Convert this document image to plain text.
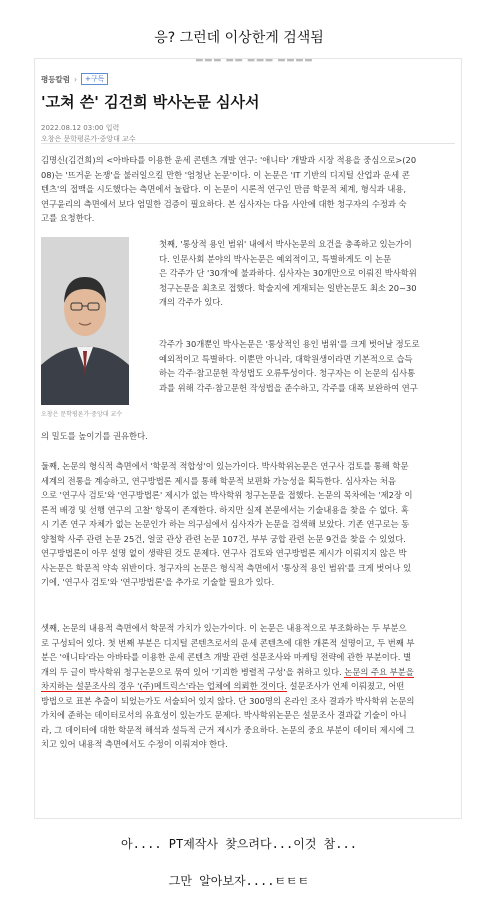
응? 그런데 이상한게 검색됨
▬▬▬ ▬▬ ▬▬▬ ▬▬▬▬
평등칼럼 ›	+구독
'고쳐 쓴' 김건희 박사논문 심사서
2022.08.12 03:00 입력
오창은 문학평론가·중앙대 교수
김명신(김건희)의 <아바타를 이용한 운세 콘텐츠 개발 연구: '애니타' 개발과 시장 적용을 중심으로>(20
08)는 '뜨거운 논쟁'을 불러일으킬 만한 '엄청난 논문'이다. 이 논문은 'IT 기반의 디지털 산업과 운세 콘
텐츠'의 접맥을 시도했다는 측면에서 놀랍다. 이 논문이 시론적 연구인 만큼 학문적 체계, 형식과 내용,
연구윤리의 측면에서 보다 엄밀한 검증이 필요하다. 본 심사자는 다음 사안에 대한 청구자의 수정과 숙
고를 요청한다.
오창은 문학평론가·중앙대 교수
첫째, '통상적 용인 범위' 내에서 박사논문의 요건을 충족하고 있는가이
다. 인문사회 분야의 박사논문은 예외적이고, 특별하게도 이 논문
은 각주가 단 '30개'에 불과하다. 심사자는 30개만으로 이뤄진 박사학위
청구논문을 최초로 접했다. 학술지에 게재되는 일반논문도 최소 20~30
개의 각주가 있다.
각주가 30개뿐인 박사논문은 '통상적인 용인 범위'를 크게 벗어날 정도로
예외적이고 특별하다. 이뿐만 아니라, 대학원생이라면 기본적으로 습득
하는 각주·참고문헌 작성법도 오류투성이다. 청구자는 이 논문의 심사통
과를 위해 각주·참고문헌 작성법을 준수하고, 각주를 대폭 보완하여 연구
의 밀도를 높이기를 권유한다.
둘째, 논문의 형식적 측면에서 '학문적 적합성'이 있는가이다. 박사학위논문은 연구사 검토를 통해 학문
세계의 전통을 계승하고, 연구방법론 제시를 통해 학문적 보편화 가능성을 획득한다. 심사자는 처음
으로 '연구사 검토'와 '연구방법론' 제시가 없는 박사학위 청구논문을 접했다. 논문의 목차에는 '제2장 이
론적 배경 및 선행 연구의 고찰' 항목이 존재한다. 하지만 실제 본문에서는 기술내용을 찾을 수 없다. 혹
시 기존 연구 자체가 없는 논문인가 하는 의구심에서 심사자가 논문을 검색해 보았다. 기존 연구로는 동
양철학 사주 관련 논문 25건, 얼굴 관상 관련 논문 107건, 부부 궁합 관련 논문 9건을 찾을 수 있었다.
연구방법론이 아무 설명 없이 생략된 것도 문제다. 연구사 검토와 연구방법론 제시가 이뤄지지 않은 박
사논문은 학문적 약속 위반이다. 청구자의 논문은 형식적 측면에서 '통상적 용인 범위'를 크게 벗어나 있
기에, '연구사 검토'와 '연구방법론'을 추가로 기술할 필요가 있다.
셋째, 논문의 내용적 측면에서 학문적 가치가 있는가이다. 이 논문은 내용적으로 부조화하는 두 부분으
로 구성되어 있다. 첫 번째 부분은 디지털 콘텐츠로서의 운세 콘텐츠에 대한 개론적 설명이고, 두 번째 부
분은 '애니타'라는 아바타를 이용한 운세 콘텐츠 개발 관련 설문조사와 마케팅 전략에 관한 부분이다. 별
개의 두 글이 박사학위 청구논문으로 묶여 있어 '기괴한 병렬적 구성'을 취하고 있다. 논문의 주요 부분을
차지하는 설문조사의 경우 '(주)메트릭스'라는 업체에 의뢰한 것이다. 설문조사가 언제 이뤄졌고, 어떤
방법으로 표본 추출이 되었는가도 서술되어 있지 않다. 단 300명의 온라인 조사 결과가 박사학위 논문의
가치에 준하는 데이터로서의 유효성이 있는가도 문제다. 박사학위논문은 설문조사 결과값 기술이 아니
라, 그 데이터에 대한 학문적 해석과 설득적 근거 제시가 중요하다. 논문의 중요 부분이 데이터 제시에 그
치고 있어 내용적 측면에서도 수정이 이뤄져야 한다.
아.... PT제작사 찾으려다...이것 참...
그만 알아보자....ㅌㅌㅌ
